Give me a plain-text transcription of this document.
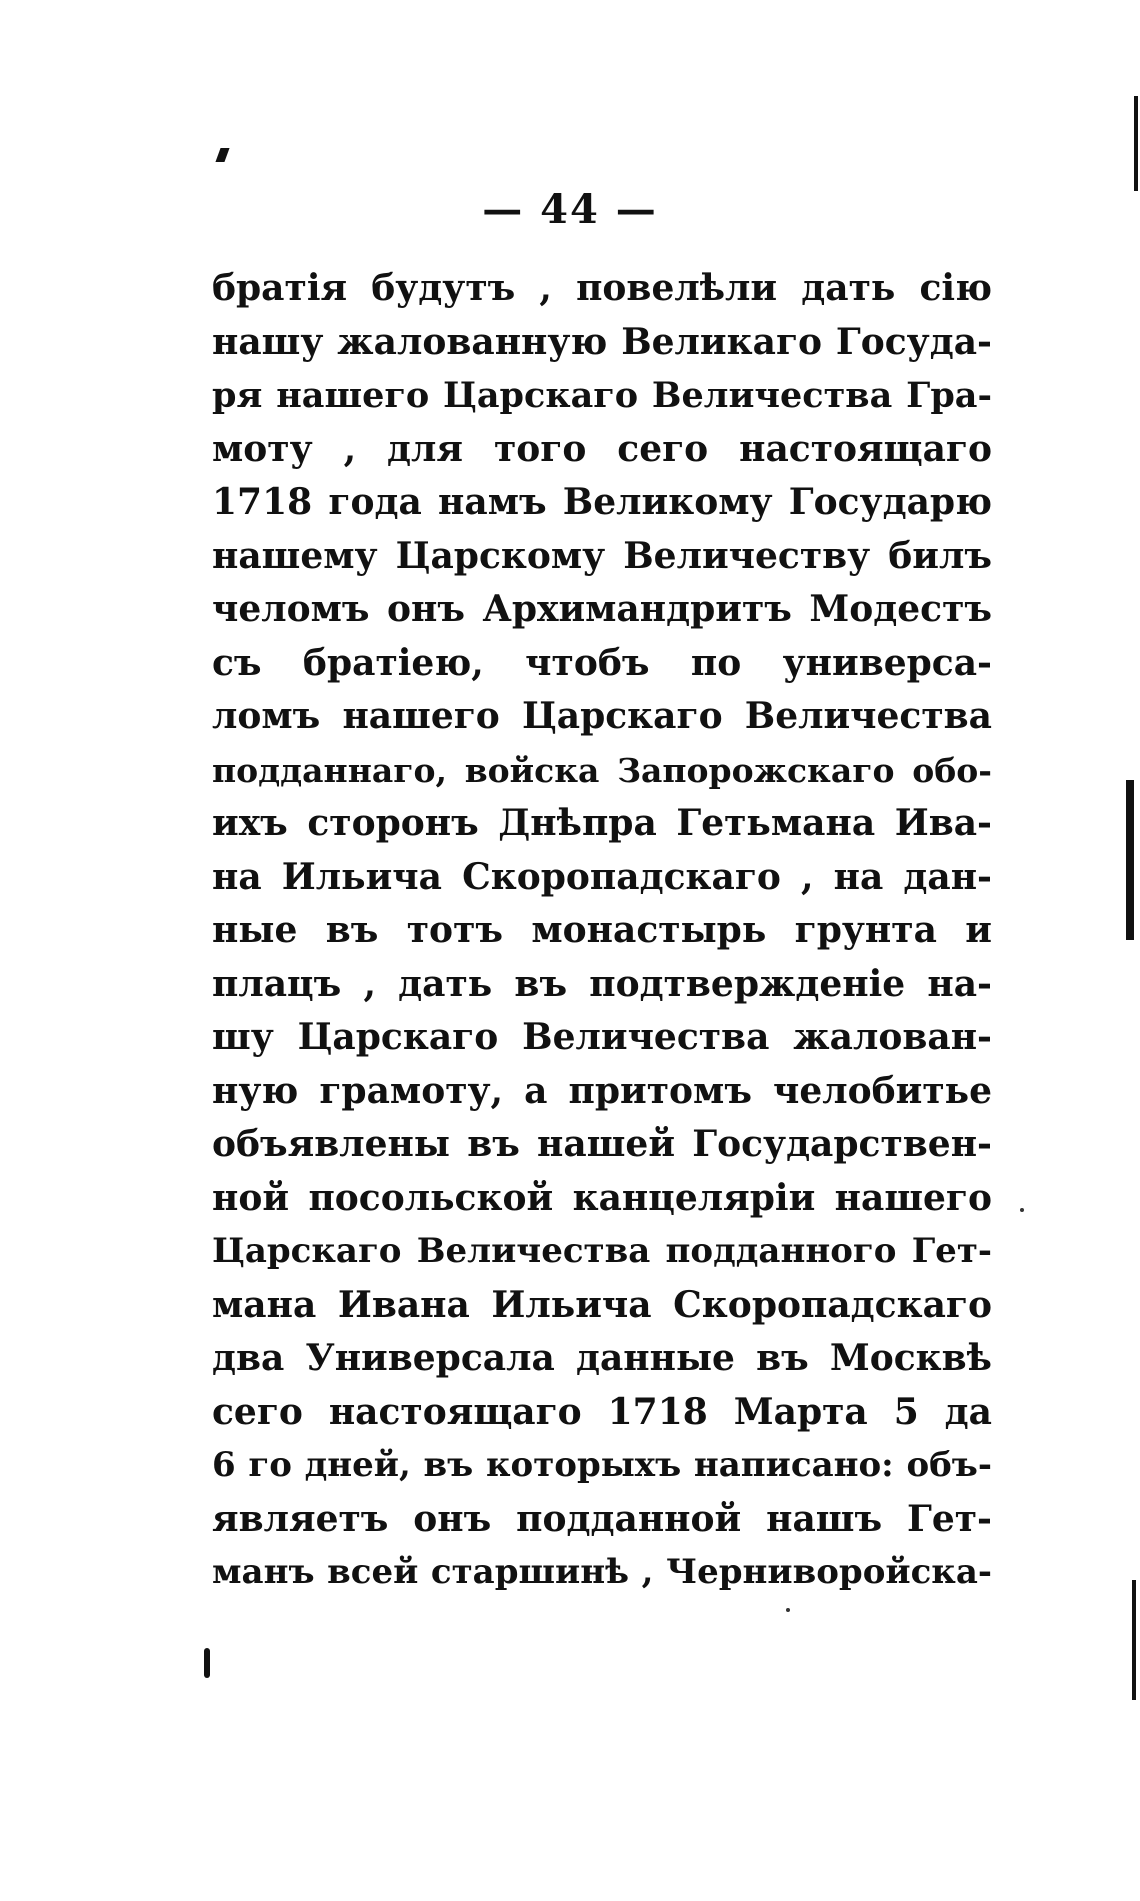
— 44 —
братія будутъ , повелѣли дать сію
нашу жалованную Великаго Госуда-
ря нашего Царскаго Величества Гра-
моту , для того сего настоящаго
1718 года намъ Великому Государю
нашему Царскому Величеству билъ
челомъ онъ Архимандритъ Модестъ
съ братіею, чтобъ по универса-
ломъ нашего Царскаго Величества
подданнаго, войска Запорожскаго обо-
ихъ сторонъ Днѣпра Гетьмана Ива-
на Ильича Скоропадскаго , на дан-
ные въ тотъ монастырь грунта и
плацъ , дать въ подтвержденіе на-
шу Царскаго Величества жалован-
ную грамоту, а притомъ челобитье
объявлены въ нашей Государствен-
ной посольской канцеляріи нашего
Царскаго Величества подданного Гет-
мана Ивана Ильича Скоропадскаго
два Универсала данные въ Москвѣ
сего настоящаго 1718 Марта 5 да
6 го дней, въ которыхъ написано: объ-
являетъ онъ подданной нашъ Гет-
манъ всей старшинѣ , Черниворойска-
